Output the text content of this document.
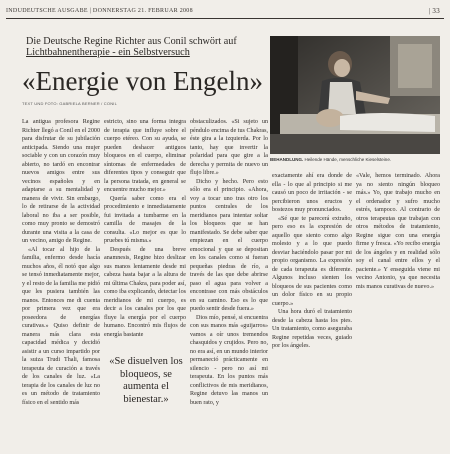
INDUDEUTSCHE AUSGABE | DONNERSTAG 21. FEBRUAR 2008	| 33
Die Deutsche Regine Richter aus Conil schwört auf
Lichtbahnentherapie - ein Selbstversuch
«Energie von Engeln»
TEXT UND FOTO: GABRIELA BERNER / CONIL
BEHANDLUNG. Heilende Hände, menschliche Kieselsteine.

La antigua profesora Regine Richter llegó a Conil en el 2000 para disfrutar de su jubilación anticipada. Siendo una mujer sociable y con un corazón muy abierto, no tardó en encontrar nuevos amigos entre sus vecinos españoles y en adaptarse a su mentalidad y manera de vivir. Sin embargo, lo de retirarse de la actividad laboral no iba a ser posible, como muy pronto se demostró durante una visita a la casa de un vecino, amigo de Regine.

«Al tocar al hijo de la familia, enfermo desde hacía muchos años, él notó que algo se tensó inmediatamente mejor, y el resto de la familia me pidió que les pusiera también las manos. Entonces me di cuenta por primera vez que era poseedora de energías curativas.» Quiso definir de manera más clara esta capacidad médica y decidió asistir a un curso impartido por la suiza Trudi Thali, famosa terapeuta de curación a través de los canales de luz. «La terapia de los canales de luz no es un método de tratamiento físico en el sentido más

estricto, sino una forma integra de terapia que influye sobre el cuerpo etéreo. Con su ayuda, se pueden deshacer antiguos bloqueos en el cuerpo, eliminar síntomas de enfermedades de diferentes tipos y conseguir que la persona tratada, en general se encuentre mucho mejor.»

Quería saber como era el procedimiento e inmediatamente fui invitada a tumbarme en la camilla de masajes de la consulta. «Lo mejor es que lo pruebes tú misma.»

Después de una breve anamnesis, Regine hizo deslizar sus manos lentamente desde mi cabeza hasta bajar a la altura de mi última Chakra, para poder así, como iba explicando, detectar los meridianos de mi cuerpo, es decir a los canales por los que fluye la energía por el cuerpo humano. Encontró mis flujos de energía bastante

obstaculizados. «Si sujeto un péndulo encima de tus Chakras, éste gira a la izquierda. Por lo tanto, hay que invertir la polaridad para que gire a la derecha y permita de nuevo un flujo libre.»

Dicho y hecho. Pero esto sólo era el principio. «Ahora, voy a tocar uno tras otro los puntos centrales de los meridianos para intentar soltar los bloqueos que se han manifestado. Se debe saber que empiezan en el cuerpo emocional y que se depositan en los canales como si fueran pequeñas piedras de río, a través de las que debe abrirse paso el agua para volver a encontrase con más obstáculos en su camino. Eso es lo que puedo sentir desde fuera.»

Dios mío, pensé, si encuentra con sus manos más «guijarros» vamos a oír unos tremendos chasquidos y crujidos. Pero no, no era así, en un mundo interior permaneció prácticamente en silencio - pero no así mi terapeuta. En los puntos más conflictivos de mis meridianos, Regine detuvo las manos un buen rato, y

exactamente ahí era donde de ella - lo que al principio si me causó un poco de irritación - se percibieron unos eructos y bostezos muy pronunciados.

«Sé que te parecerá extraño, pero eso es la expresión de aquello que siento como algo molesto y a lo que puedo desviar haciéndolo pasar por mi propio organismo. La expresión de cada terapeuta es diferente. Algunos incluso sienten los bloqueos de sus pacientes como un dolor físico en su propio cuerpo.»

Una hora duró el tratamiento desde la cabeza hasta los pies. Un tratamiento, como aseguraba Regine repetidas veces, guiado por los ángeles.

«Vale, hemos terminado. Ahora ya no siento ningún bloqueo más.» Yo, que trabajo mucho en el ordenador y sufro mucho estrés, tampoco. Al contrario de otros terapeutas que trabajan con otros métodos de tratamiento, Regine sigue con una energía firme y fresca. «Yo recibo energía de los ángeles y en realidad sólo soy el canal entre ellos y el paciente.» Y enseguida viene mi vecino Antonio, ya que necesita mis manos curativas de nuevo.»

«Se disuelven los bloqueos, se aumenta el bienestar.»
